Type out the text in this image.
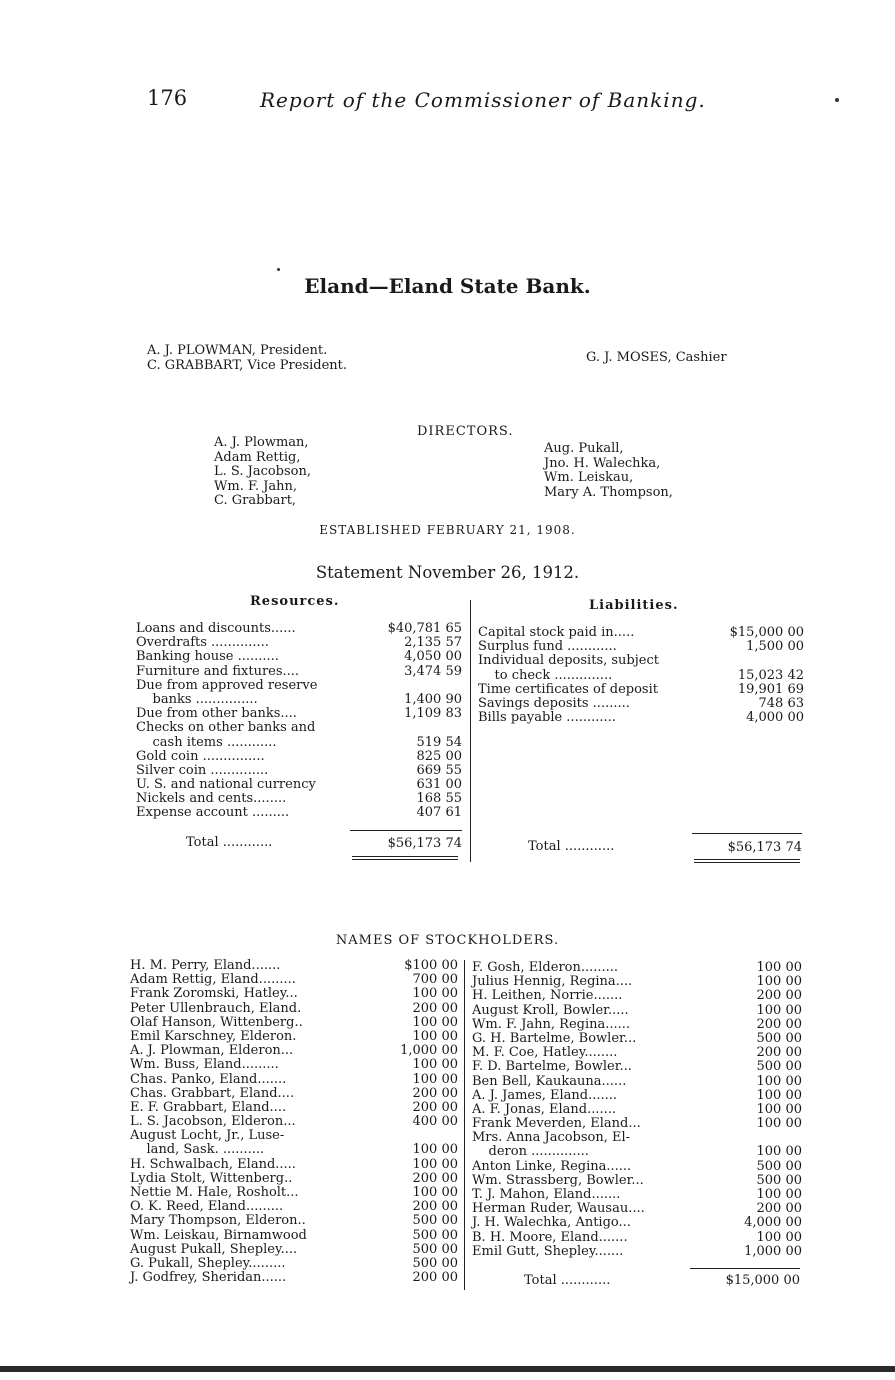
176	Report of the Commissioner of Banking.
Eland—Eland State Bank.
A. J. PLOWMAN, President.
C. GRABBART, Vice President.
G. J. MOSES, Cashier
DIRECTORS.
A. J. Plowman,
Adam Rettig,
L. S. Jacobson,
Wm. F. Jahn,
C. Grabbart,
Aug. Pukall,
Jno. H. Walechka,
Wm. Leiskau,
Mary A. Thompson,
ESTABLISHED FEBRUARY 21, 1908.
Statement November 26, 1912.
Resources.	Liabilities.
Loans and discounts......	$40,781 65
Overdrafts ..............	2,135 57
Banking house ..........	4,050 00
Furniture and fixtures....	3,474 59
Due from approved reserve
banks ...............	1,400 90
Due from other banks....	1,109 83
Checks on other banks and
cash items ............	519 54
Gold coin ...............	825 00
Silver coin ..............	669 55
U. S. and national currency	631 00
Nickels and cents........	168 55
Expense account .........	407 61
Capital stock paid in.....	$15,000 00
Surplus fund ............	1,500 00
Individual deposits, subject
to check ..............	15,023 42
Time certificates of deposit	19,901 69
Savings deposits .........	748 63
Bills payable ............	4,000 00
Total ............	$56,173 74	Total ............	$56,173 74
NAMES OF STOCKHOLDERS.
H. M. Perry, Eland.......	$100 00
Adam Rettig, Eland.........	700 00
Frank Zoromski, Hatley...	100 00
Peter Ullenbrauch, Eland.	200 00
Olaf Hanson, Wittenberg..	100 00
Emil Karschney, Elderon.	100 00
A. J. Plowman, Elderon...	1,000 00
Wm. Buss, Eland.........	100 00
Chas. Panko, Eland.......	100 00
Chas. Grabbart, Eland....	200 00
E. F. Grabbart, Eland....	200 00
L. S. Jacobson, Elderon...	400 00
August Locht, Jr., Luse-
land, Sask. ..........	100 00
H. Schwalbach, Eland.....	100 00
Lydia Stolt, Wittenberg..	200 00
Nettie M. Hale, Rosholt...	100 00
O. K. Reed, Eland.........	200 00
Mary Thompson, Elderon..	500 00
Wm. Leiskau, Birnamwood	500 00
August Pukall, Shepley....	500 00
G. Pukall, Shepley.........	500 00
J. Godfrey, Sheridan......	200 00
F. Gosh, Elderon.........	100 00
Julius Hennig, Regina....	100 00
H. Leithen, Norrie.......	200 00
August Kroll, Bowler.....	100 00
Wm. F. Jahn, Regina......	200 00
G. H. Bartelme, Bowler...	500 00
M. F. Coe, Hatley........	200 00
F. D. Bartelme, Bowler...	500 00
Ben Bell, Kaukauna......	100 00
A. J. James, Eland.......	100 00
A. F. Jonas, Eland.......	100 00
Frank Meverden, Eland...	100 00
Mrs. Anna Jacobson, El-
deron ..............	100 00
Anton Linke, Regina......	500 00
Wm. Strassberg, Bowler...	500 00
T. J. Mahon, Eland.......	100 00
Herman Ruder, Wausau....	200 00
J. H. Walechka, Antigo...	4,000 00
B. H. Moore, Eland.......	100 00
Emil Gutt, Shepley.......	1,000 00
Total ............	$15,000 00
